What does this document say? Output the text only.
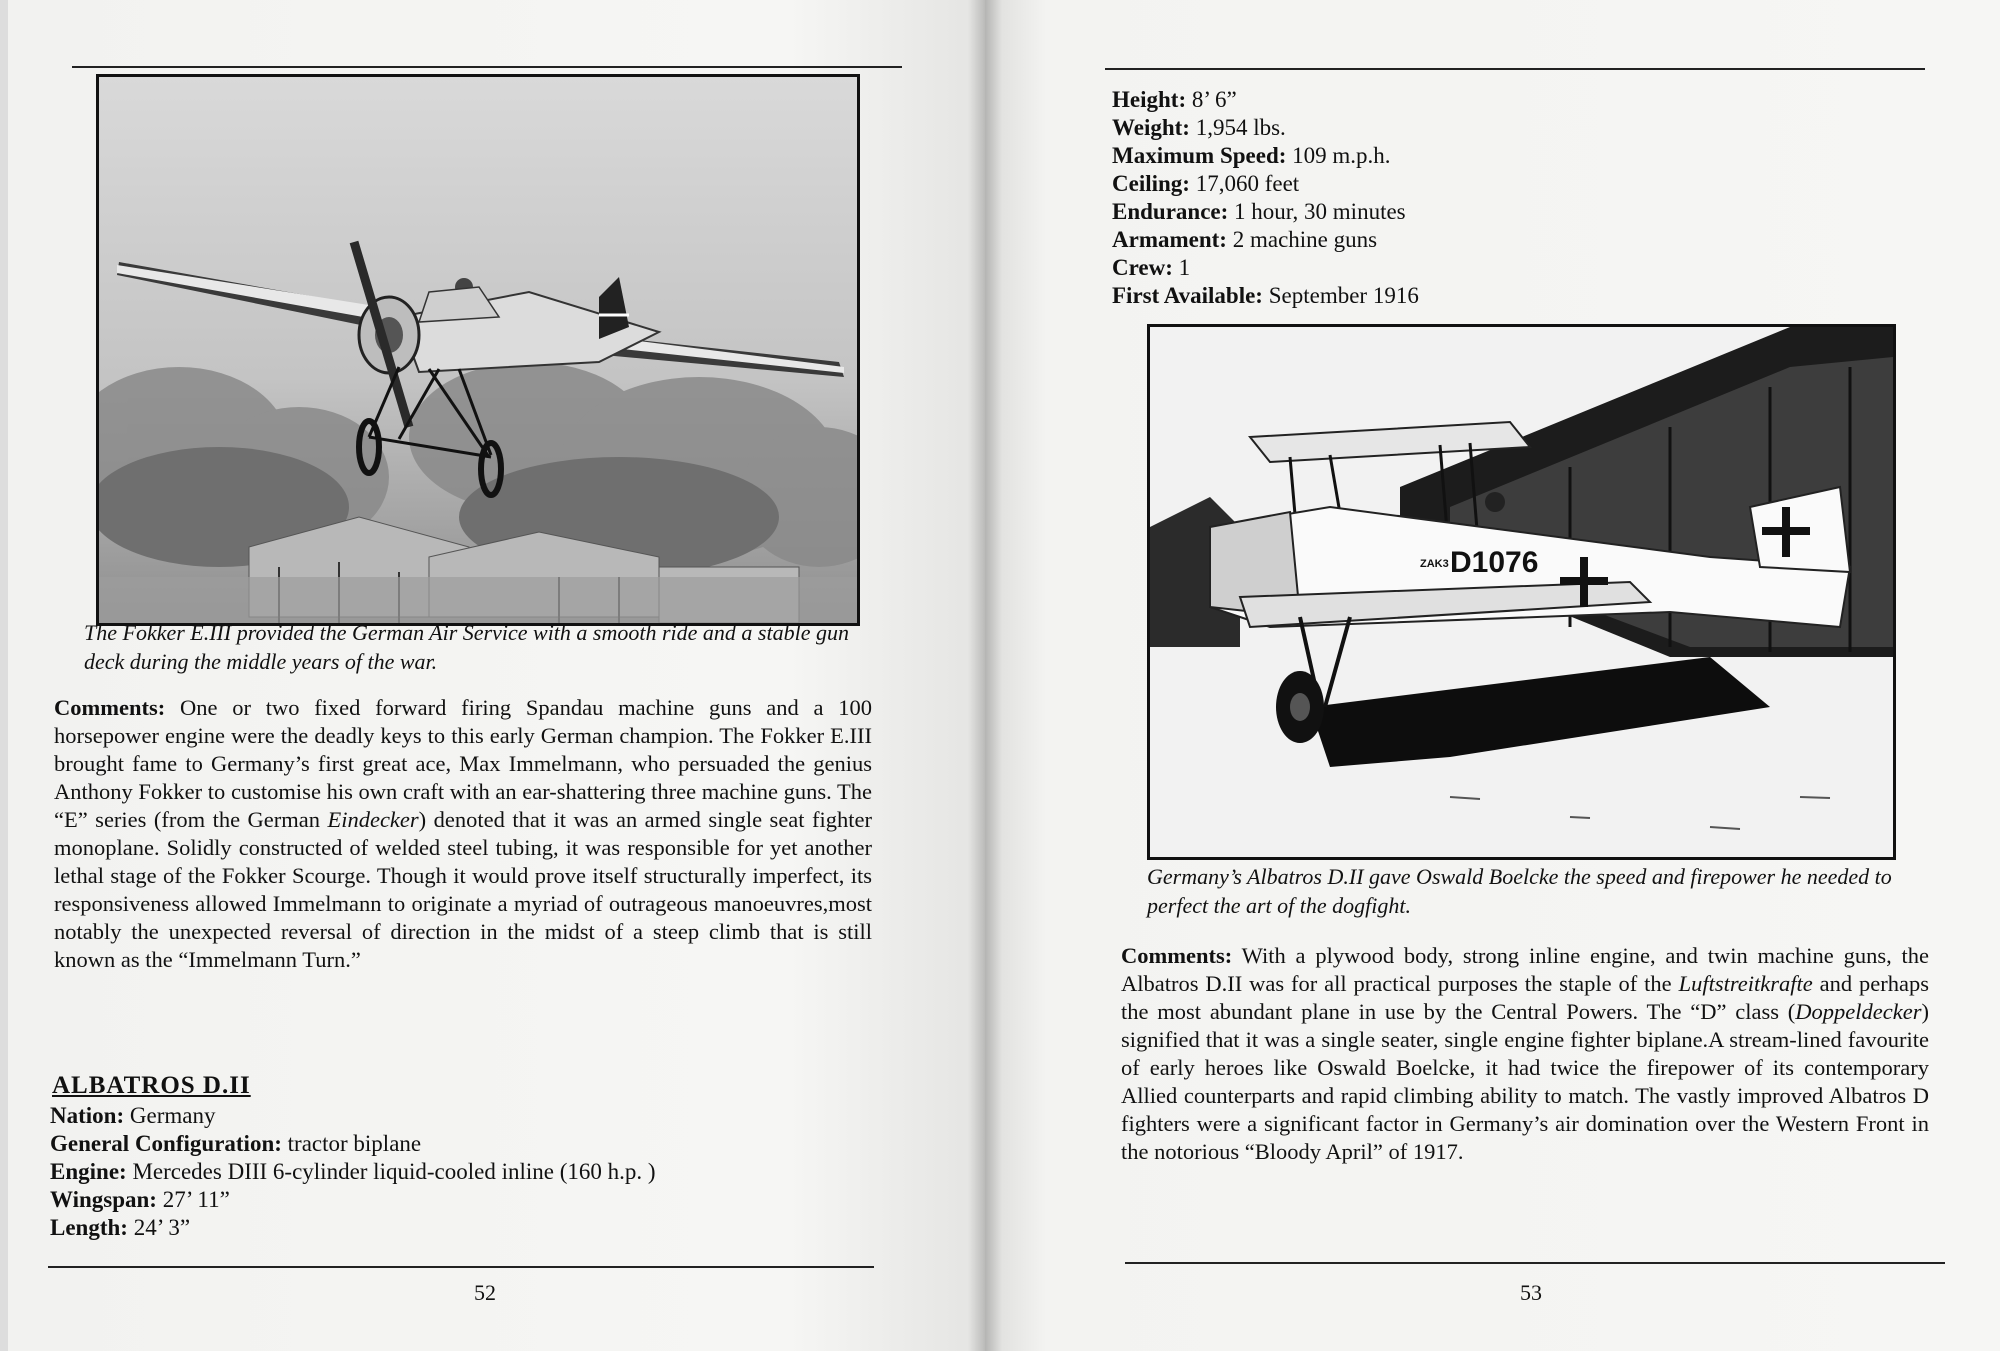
The Fokker E.III provided the German Air Service with a smooth ride and a stable gun deck during the middle years of the war.
Comments: One or two fixed forward firing Spandau machine guns and a 100 horsepower engine were the deadly keys to this early German champion. The Fokker E.III brought fame to Germany’s first great ace, Max Immelmann, who persuaded the genius Anthony Fokker to customise his own craft with an ear-shattering three machine guns. The “E” series (from the German Eindecker) denoted that it was an armed single seat fighter monoplane. Solidly constructed of welded steel tubing, it was responsible for yet another lethal stage of the Fokker Scourge. Though it would prove itself structurally imperfect, its responsiveness allowed Immelmann to originate a myriad of outrageous manoeuvres,most notably the unexpected reversal of direction in the midst of a steep climb that is still known as the “Immelmann Turn.”
ALBATROS D.II
Nation: Germany
General Configuration: tractor biplane
Engine: Mercedes DIII 6-cylinder liquid-cooled inline (160 h.p. )
Wingspan: 27’ 11”
Length: 24’ 3”
52
Height: 8’ 6”
Weight: 1,954 lbs.
Maximum Speed: 109 m.p.h.
Ceiling: 17,060 feet
Endurance: 1 hour, 30 minutes
Armament: 2 machine guns
Crew: 1
First Available: September 1916
ZAK3 D1076
Germany’s Albatros D.II gave Oswald Boelcke the speed and firepower he needed to perfect the art of the dogfight.
Comments: With a plywood body, strong inline engine, and twin machine guns, the Albatros D.II was for all practical purposes the staple of the Luftstreitkrafte and perhaps the most abundant plane in use by the Central Powers. The “D” class (Doppeldecker) signified that it was a single seater, single engine fighter biplane.A stream-lined favourite of early heroes like Oswald Boelcke, it had twice the firepower of its contemporary Allied counterparts and rapid climbing ability to match. The vastly improved Albatros D fighters were a significant factor in Germany’s air domination over the Western Front in the notorious “Bloody April” of 1917.
53
